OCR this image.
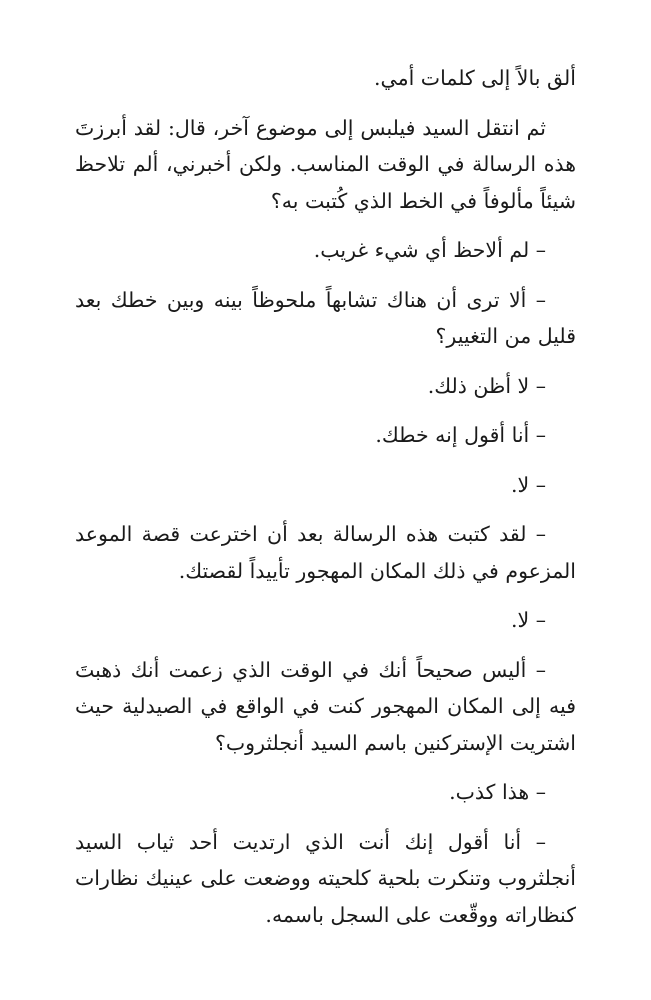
ألق بالاً إلى كلمات أمي.

ثم انتقل السيد فيلبس إلى موضوع آخر، قال: لقد أبرزتَ هذه الرسالة في الوقت المناسب. ولكن أخبرني، ألم تلاحظ شيئاً مألوفاً في الخط الذي كُتبت به؟

– لم ألاحظ أي شيء غريب.

– ألا ترى أن هناك تشابهاً ملحوظاً بينه وبين خطك بعد قليل من التغيير؟

– لا أظن ذلك.

– أنا أقول إنه خطك.

– لا.

– لقد كتبت هذه الرسالة بعد أن اخترعت قصة الموعد المزعوم في ذلك المكان المهجور تأييداً لقصتك.

– لا.

– أليس صحيحاً أنك في الوقت الذي زعمت أنك ذهبتَ فيه إلى المكان المهجور كنت في الواقع في الصيدلية حيث اشتريت الإستركنين باسم السيد أنجلثروب؟

– هذا كذب.

– أنا أقول إنك أنت الذي ارتديت أحد ثياب السيد أنجلثروب وتنكرت بلحية كلحيته ووضعت على عينيك نظارات كنظاراته ووقّعت على السجل باسمه.
